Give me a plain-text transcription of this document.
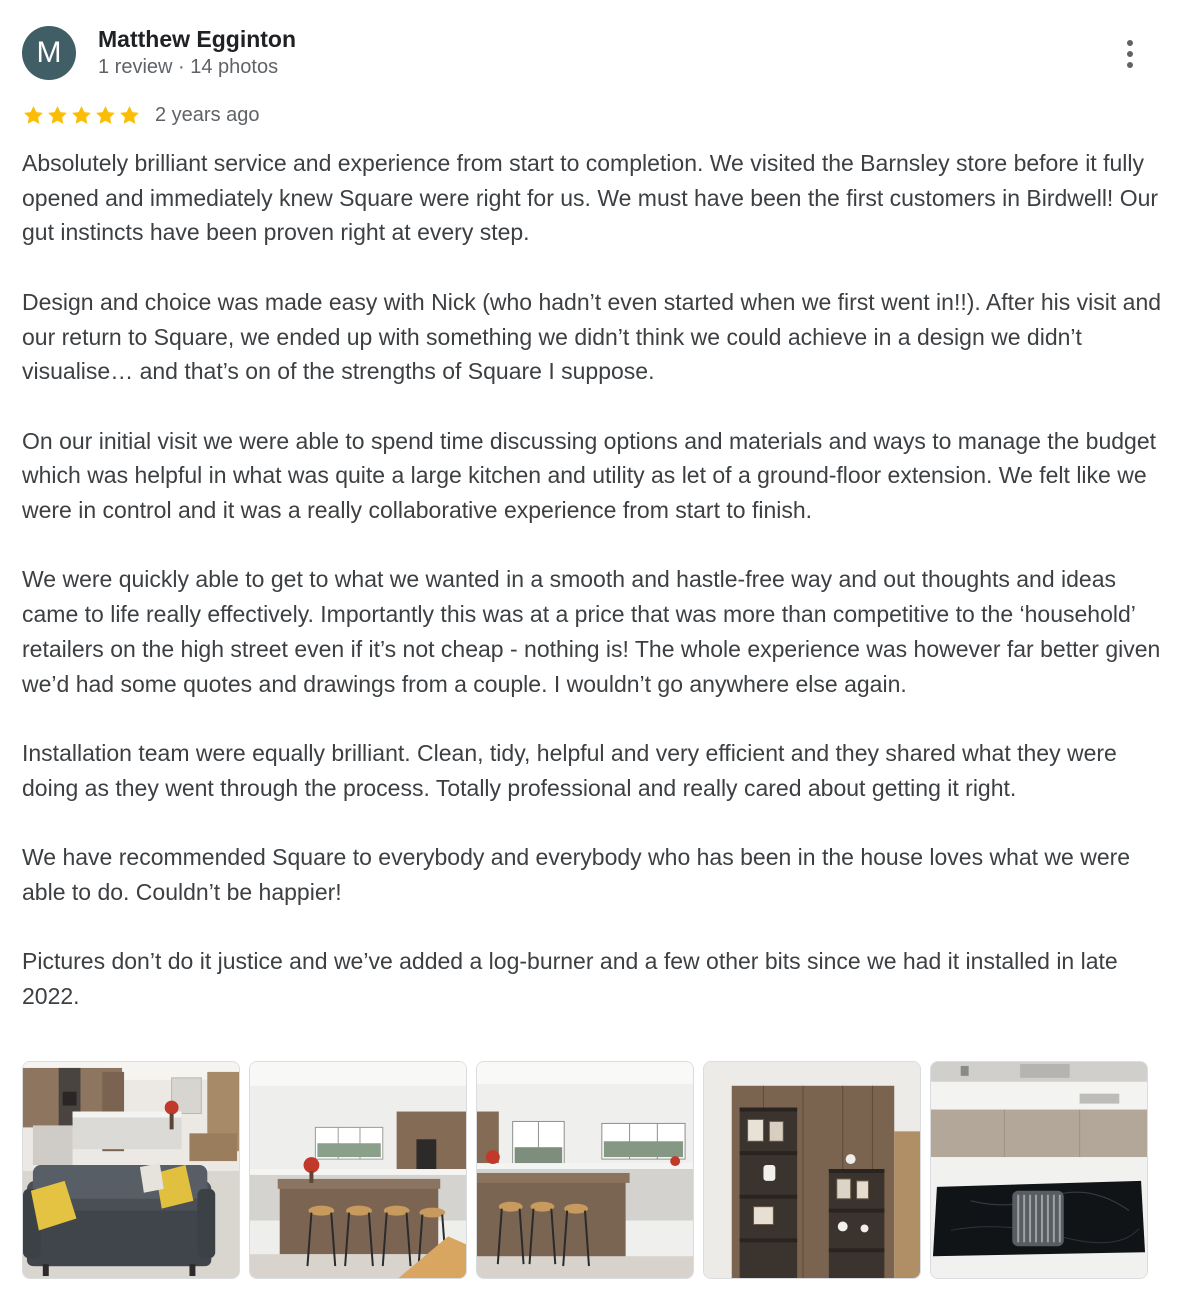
M	Matthew Egginton
1 review · 14 photos
2 years ago

Absolutely brilliant service and experience from start to completion. We visited the Barnsley store before it fully opened and immediately knew Square were right for us. We must have been the first customers in Birdwell! Our gut instincts have been proven right at every step.

Design and choice was made easy with Nick (who hadn’t even started when we first went in!!). After his visit and our return to Square, we ended up with something we didn’t think we could achieve in a design we didn’t visualise… and that’s on of the strengths of Square I suppose.

On our initial visit we were able to spend time discussing options and materials and ways to manage the budget which was helpful in what was quite a large kitchen and utility as let of a ground-floor extension. We felt like we were in control and it was a really collaborative experience from start to finish.

We were quickly able to get to what we wanted in a smooth and hastle-free way and out thoughts and ideas came to life really effectively. Importantly this was at a price that was more than competitive to the ‘household’ retailers on the high street even if it’s not cheap - nothing is! The whole experience was however far better given we’d had some quotes and drawings from a couple. I wouldn’t go anywhere else again.

Installation team were equally brilliant. Clean, tidy, helpful and very efficient and they shared what they were doing as they went through the process. Totally professional and really cared about getting it right.

We have recommended Square to everybody and everybody who has been in the house loves what we were able to do. Couldn’t be happier!

Pictures don’t do it justice and we’ve added a log-burner and a few other bits since we had it installed in late 2022.
